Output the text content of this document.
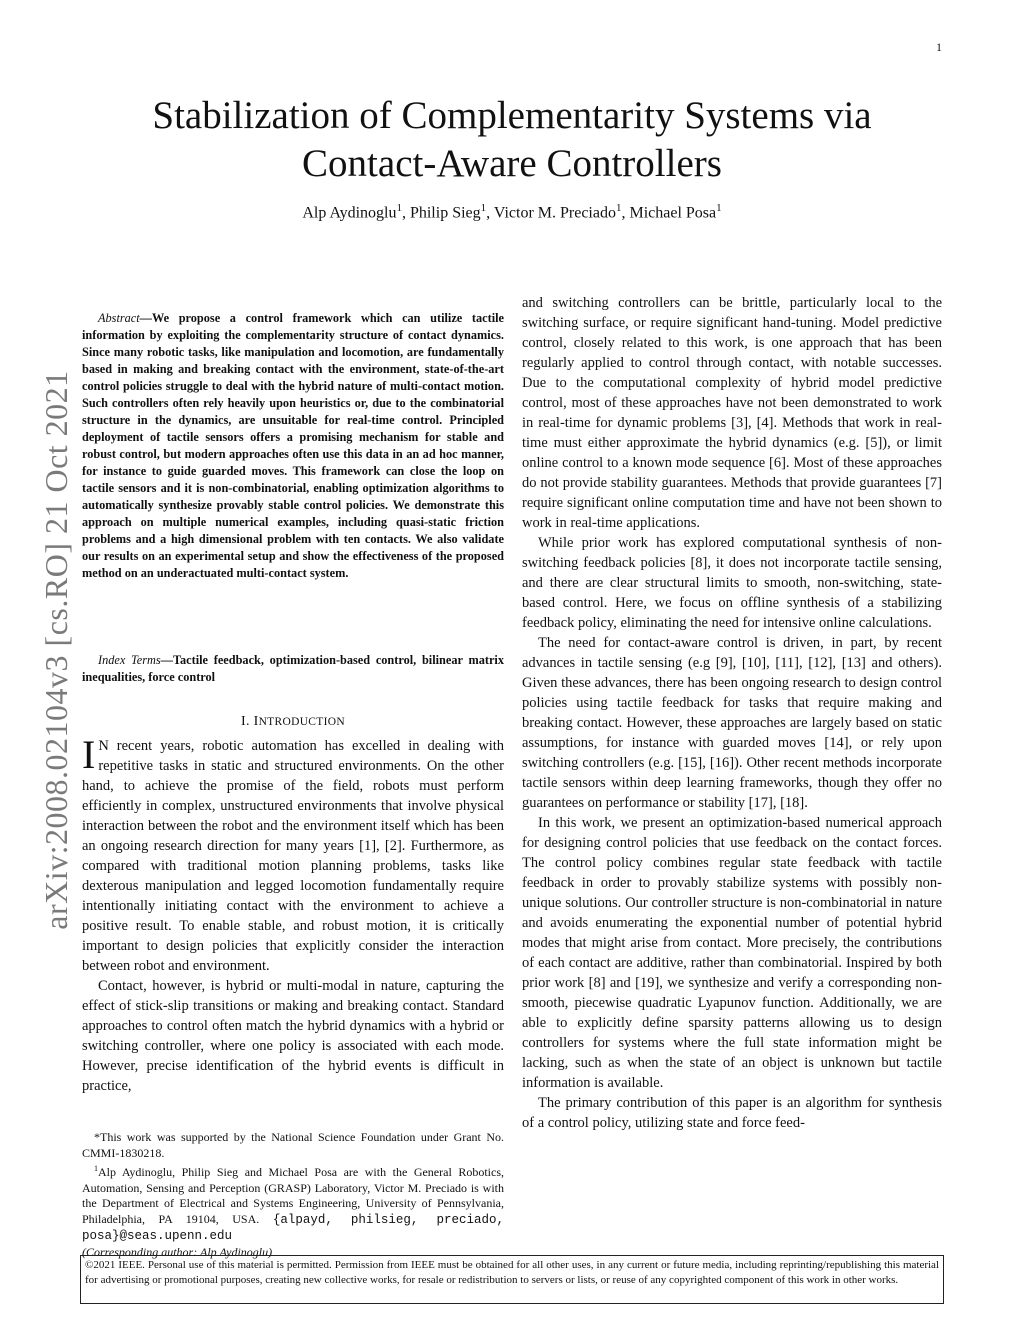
1
arXiv:2008.02104v3 [cs.RO] 21 Oct 2021
Stabilization of Complementarity Systems via
Contact-Aware Controllers
Alp Aydinoglu$^1$, Philip Sieg$^1$, Victor M. Preciado$^1$, Michael Posa$^1$

Abstract—We propose a control framework which can utilize tactile information by exploiting the complementarity structure of contact dynamics. Since many robotic tasks, like manipulation and locomotion, are fundamentally based in making and breaking contact with the environment, state-of-the-art control policies struggle to deal with the hybrid nature of multi-contact motion. Such controllers often rely heavily upon heuristics or, due to the combinatorial structure in the dynamics, are unsuitable for real-time control. Principled deployment of tactile sensors offers a promising mechanism for stable and robust control, but modern approaches often use this data in an ad hoc manner, for instance to guide guarded moves. This framework can close the loop on tactile sensors and it is non-combinatorial, enabling optimization algorithms to automatically synthesize provably stable control policies. We demonstrate this approach on multiple numerical examples, including quasi-static friction problems and a high dimensional problem with ten contacts. We also validate our results on an experimental setup and show the effectiveness of the proposed method on an underactuated multi-contact system.

Index Terms—Tactile feedback, optimization-based control, bilinear matrix inequalities, force control

I. INTRODUCTION

I N recent years, robotic automation has excelled in dealing with repetitive tasks in static and structured environments. On the other hand, to achieve the promise of the field, robots must perform efficiently in complex, unstructured environments that involve physical interaction between the robot and the environment itself which has been an ongoing research direction for many years [1], [2]. Furthermore, as compared with traditional motion planning problems, tasks like dexterous manipulation and legged locomotion fundamentally require intentionally initiating contact with the environment to achieve a positive result. To enable stable, and robust motion, it is critically important to design policies that explicitly consider the interaction between robot and environment.

Contact, however, is hybrid or multi-modal in nature, capturing the effect of stick-slip transitions or making and breaking contact. Standard approaches to control often match the hybrid dynamics with a hybrid or switching controller, where one policy is associated with each mode. However, precise identification of the hybrid events is difficult in practice,

*This work was supported by the National Science Foundation under Grant No. CMMI-1830218.

$^1$Alp Aydinoglu, Philip Sieg and Michael Posa are with the General Robotics, Automation, Sensing and Perception (GRASP) Laboratory, Victor M. Preciado is with the Department of Electrical and Systems Engineering, University of Pennsylvania, Philadelphia, PA 19104, USA. {alpayd, philsieg, preciado, posa}@seas.upenn.edu

(Corresponding author: Alp Aydinoglu)

and switching controllers can be brittle, particularly local to the switching surface, or require significant hand-tuning. Model predictive control, closely related to this work, is one approach that has been regularly applied to control through contact, with notable successes. Due to the computational complexity of hybrid model predictive control, most of these approaches have not been demonstrated to work in real-time for dynamic problems [3], [4]. Methods that work in real-time must either approximate the hybrid dynamics (e.g. [5]), or limit online control to a known mode sequence [6]. Most of these approaches do not provide stability guarantees. Methods that provide guarantees [7] require significant online computation time and have not been shown to work in real-time applications.

While prior work has explored computational synthesis of non-switching feedback policies [8], it does not incorporate tactile sensing, and there are clear structural limits to smooth, non-switching, state-based control. Here, we focus on offline synthesis of a stabilizing feedback policy, eliminating the need for intensive online calculations.

The need for contact-aware control is driven, in part, by recent advances in tactile sensing (e.g [9], [10], [11], [12], [13] and others). Given these advances, there has been ongoing research to design control policies using tactile feedback for tasks that require making and breaking contact. However, these approaches are largely based on static assumptions, for instance with guarded moves [14], or rely upon switching controllers (e.g. [15], [16]). Other recent methods incorporate tactile sensors within deep learning frameworks, though they offer no guarantees on performance or stability [17], [18].

In this work, we present an optimization-based numerical approach for designing control policies that use feedback on the contact forces. The control policy combines regular state feedback with tactile feedback in order to provably stabilize systems with possibly non-unique solutions. Our controller structure is non-combinatorial in nature and avoids enumerating the exponential number of potential hybrid modes that might arise from contact. More precisely, the contributions of each contact are additive, rather than combinatorial. Inspired by both prior work [8] and [19], we synthesize and verify a corresponding non-smooth, piecewise quadratic Lyapunov function. Additionally, we are able to explicitly define sparsity patterns allowing us to design controllers for systems where the full state information might be lacking, such as when the state of an object is unknown but tactile information is available.

The primary contribution of this paper is an algorithm for synthesis of a control policy, utilizing state and force feed-

©2021 IEEE. Personal use of this material is permitted. Permission from IEEE must be obtained for all other uses, in any current or future media, including reprinting/republishing this material for advertising or promotional purposes, creating new collective works, for resale or redistribution to servers or lists, or reuse of any copyrighted component of this work in other works.
